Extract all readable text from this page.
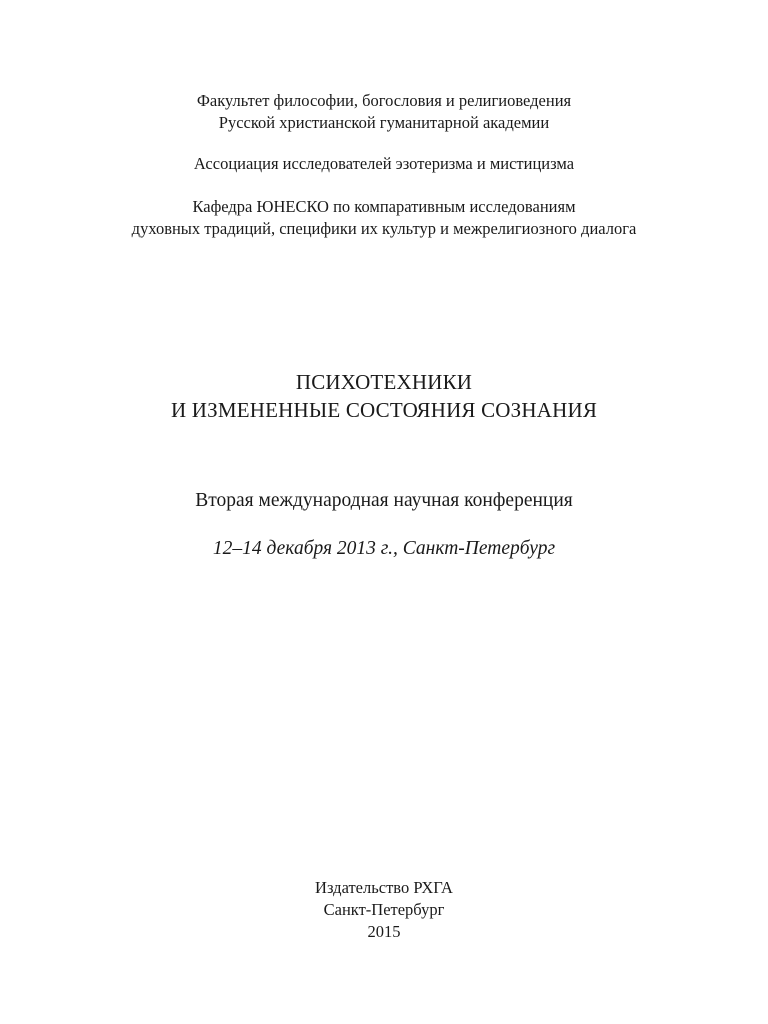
Факультет философии, богословия и религиоведения
Русской христианской гуманитарной академии
Ассоциация исследователей эзотеризма и мистицизма
Кафедра ЮНЕСКО по компаративным исследованиям
духовных традиций, специфики их культур и межрелигиозного диалога
ПСИХОТЕХНИКИ
И ИЗМЕНЕННЫЕ СОСТОЯНИЯ СОЗНАНИЯ
Вторая международная научная конференция
12–14 декабря 2013 г., Санкт-Петербург
Издательство РХГА
Санкт-Петербург
2015
